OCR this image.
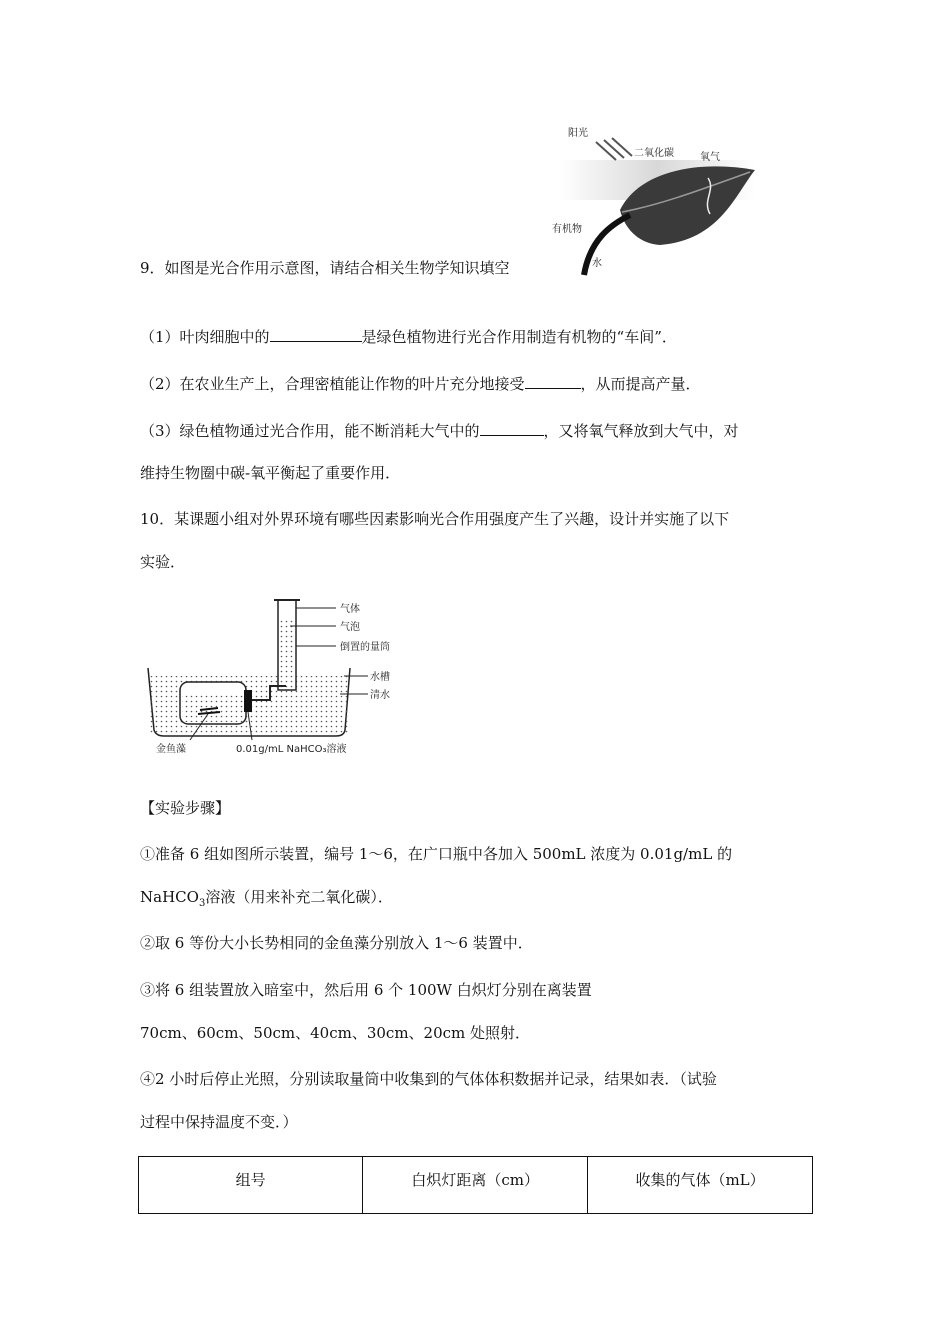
阳光
二氧化碳	氧气
有机物
水
9．如图是光合作用示意图，请结合相关生物学知识填空
（1）叶肉细胞中的	是绿色植物进行光合作用制造有机物的“车间”．
（2）在农业生产上，合理密植能让作物的叶片充分地接受	，从而提高产量．
（3）绿色植物通过光合作用，能不断消耗大气中的	，又将氧气释放到大气中，对
维持生物圈中碳-氧平衡起了重要作用．
10．某课题小组对外界环境有哪些因素影响光合作用强度产生了兴趣，设计并实施了以下
实验．
气体
气泡
倒置的量筒
水槽
清水
金鱼藻	0.01g/mL NaHCO₃溶液
【实验步骤】
①准备 6 组如图所示装置，编号 1～6，在广口瓶中各加入 500mL 浓度为 0.01g/mL 的
NaHCO$_3$溶液（用来补充二氧化碳）．
②取 6 等份大小长势相同的金鱼藻分别放入 1～6 装置中．
③将 6 组装置放入暗室中，然后用 6 个 100W 白炽灯分别在离装置
70cm、60cm、50cm、40cm、30cm、20cm 处照射．
④2 小时后停止光照，分别读取量筒中收集到的气体体积数据并记录，结果如表．（试验
过程中保持温度不变．）
组号	白炽灯距离（cm）	收集的气体（mL）
